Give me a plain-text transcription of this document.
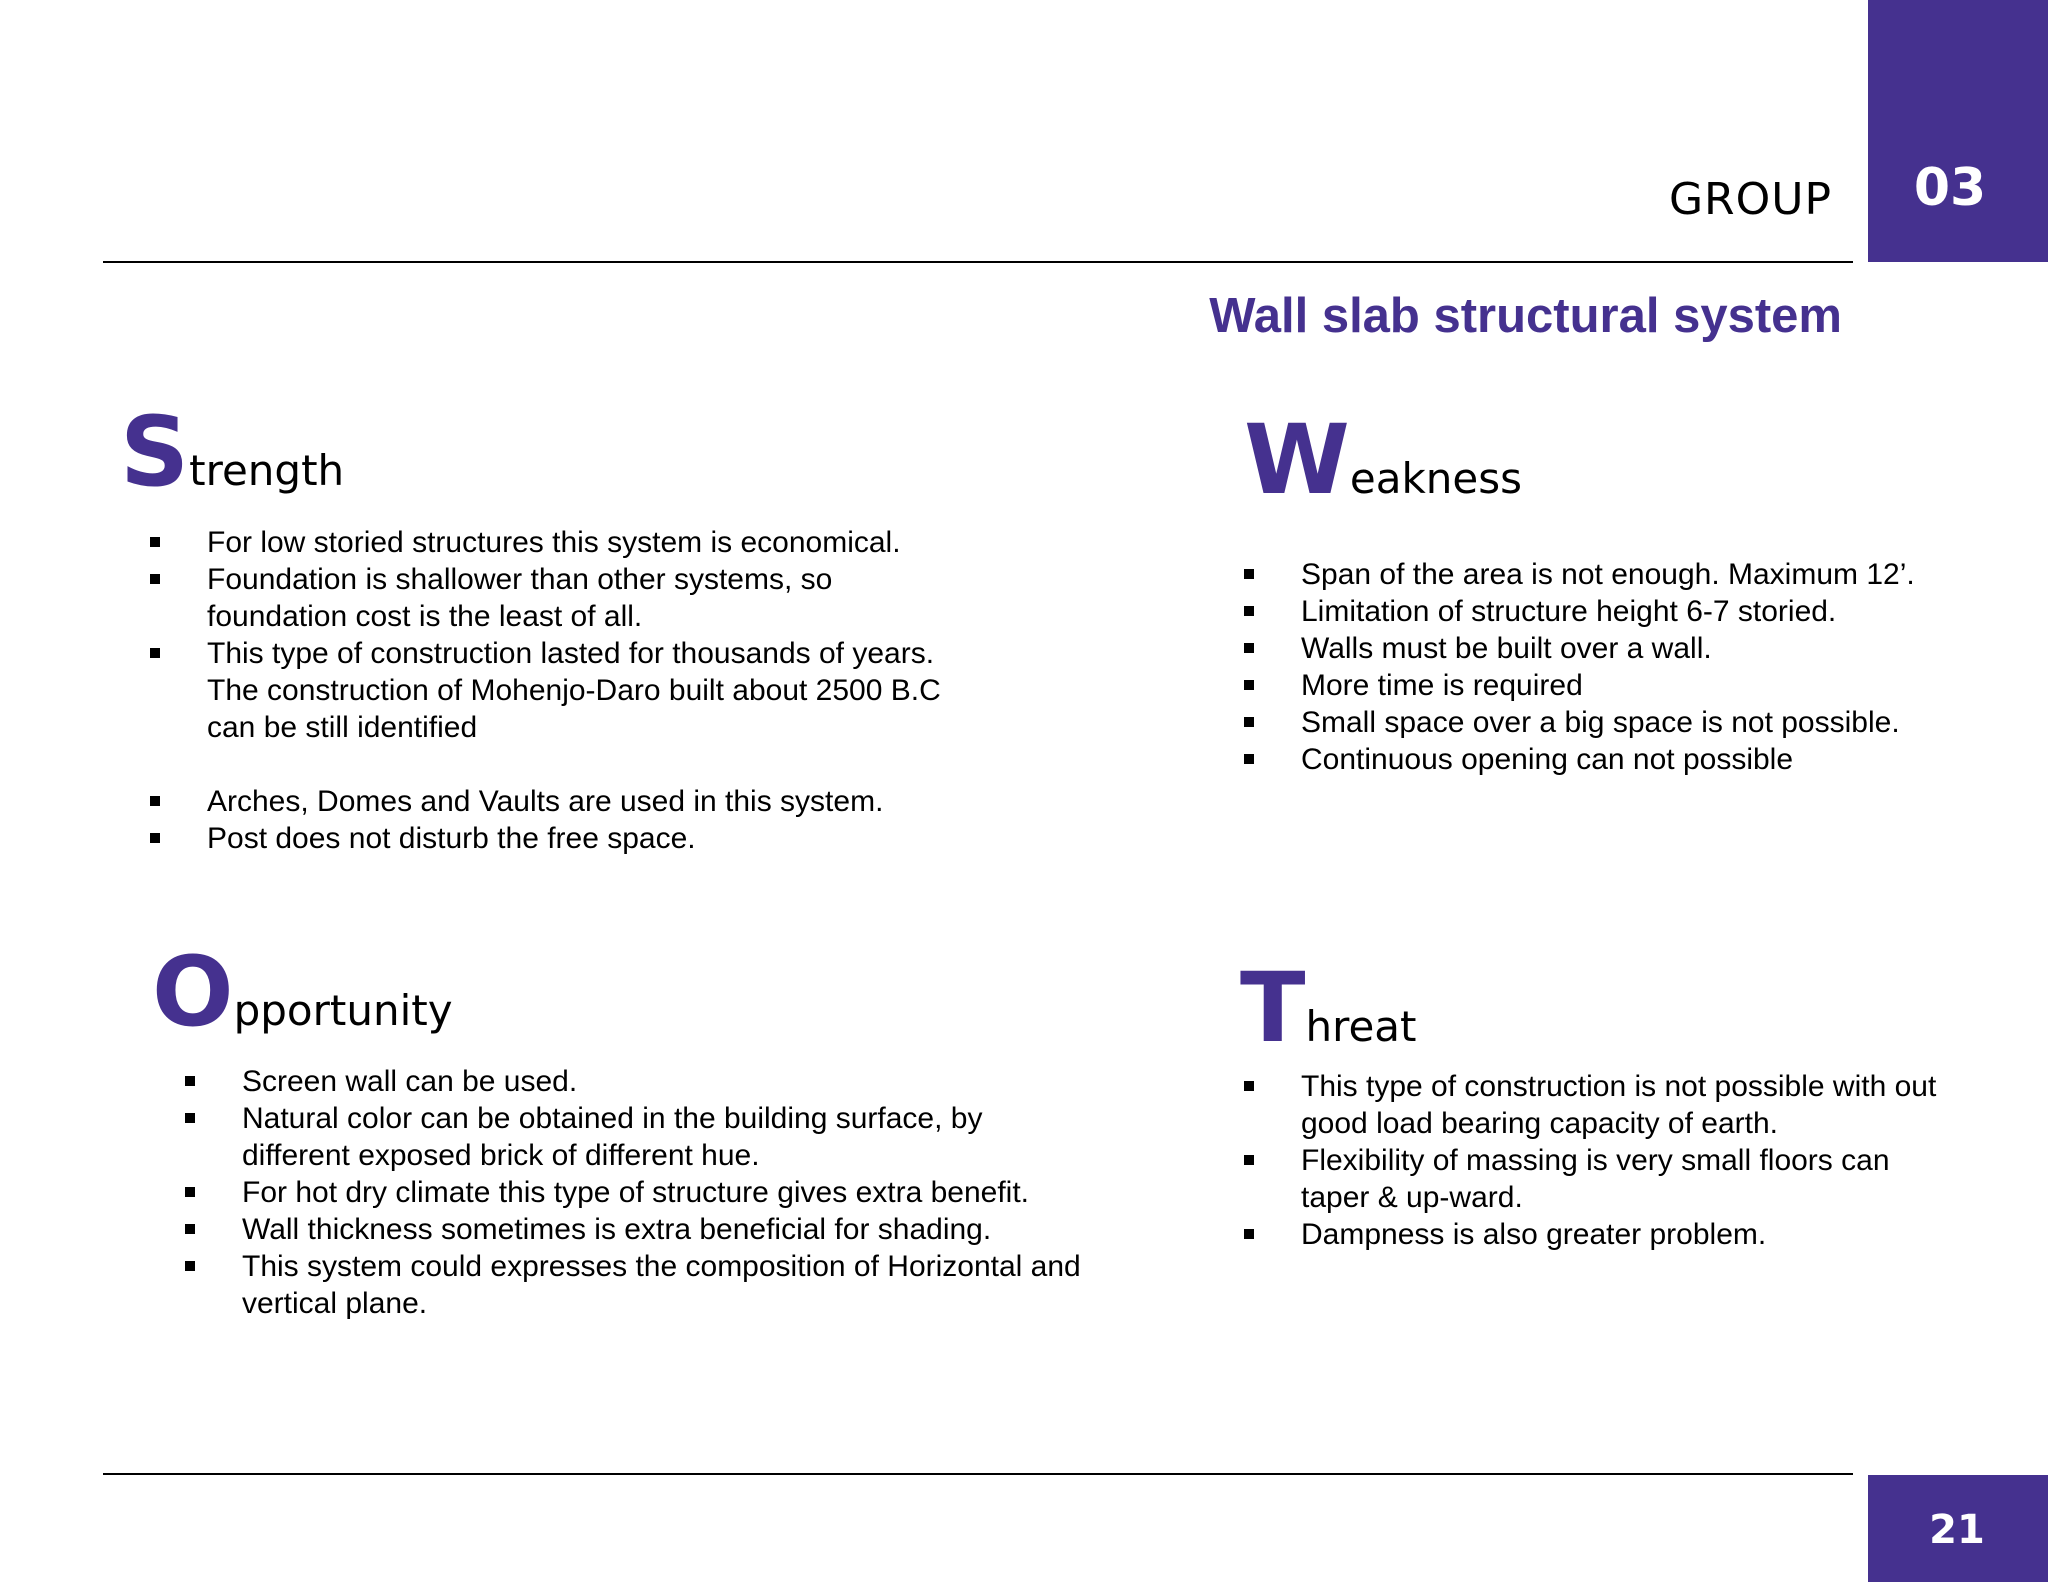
03
GROUP
Wall slab structural system
Strength
For low storied structures this system is economical.
Foundation is shallower than other systems, so foundation cost is the least of all.
This type of construction lasted for thousands of years. The construction of Mohenjo-Daro built about 2500 B.C can be still identified
Arches, Domes and Vaults are used in this system.
Post does not disturb the free space.
Weakness
Span of the area is not enough. Maximum 12’.
Limitation of structure height 6-7 storied.
Walls must be built over a wall.
More time is required
Small space over a big space is not possible.
Continuous opening can not possible
Opportunity
Screen wall can be used.
Natural color can be obtained in the building surface, by different exposed brick of different hue.
For hot dry climate this type of structure gives extra benefit.
Wall thickness sometimes is extra beneficial for shading.
This system could expresses the composition of Horizontal and vertical plane.
Threat
This type of construction is not possible with out good load bearing capacity of earth.
Flexibility of massing is very small floors can taper & up-ward.
Dampness is also greater problem.
21
